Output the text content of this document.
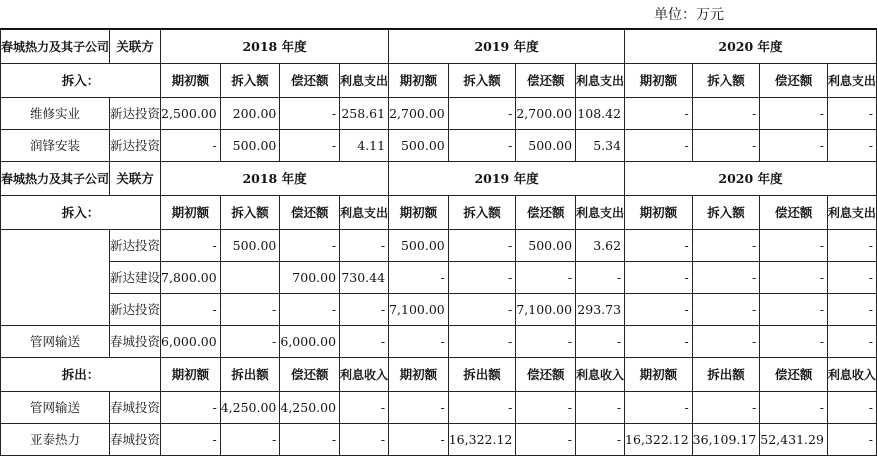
单位：万元
春城热力及其子公司	关联方	2018 年度				2019 年度				2020 年度			
拆入：		期初额	拆入额	偿还额	利息支出	期初额	拆入额	偿还额	利息支出	期初额	拆入额	偿还额	利息支出
维修实业	新达投资	2,500.00	200.00	-	258.61	2,700.00	-	2,700.00	108.42	-	-	-	-
润锋安装	新达投资	-	500.00	-	4.11	500.00	-	500.00	5.34	-	-	-	-
春城热力及其子公司	关联方	2018 年度				2019 年度				2020 年度			
拆入：		期初额	拆入额	偿还额	利息支出	期初额	拆入额	偿还额	利息支出	期初额	拆入额	偿还额	利息支出
	新达投资	-	500.00	-	-	500.00	-	500.00	3.62	-	-	-	-
	新达建设	7,800.00		700.00	730.44	-	-	-	-	-	-	-	-
	新达投资	-	-	-	-	7,100.00	-	7,100.00	293.73	-	-	-	-
管网输送	春城投资	6,000.00	-	6,000.00	-	-	-	-	-	-	-	-	-
拆出：		期初额	拆出额	偿还额	利息收入	期初额	拆出额	偿还额	利息收入	期初额	拆出额	偿还额	利息收入
管网输送	春城投资	-	4,250.00	4,250.00	-	-	-	-	-	-	-	-	-
亚泰热力	春城投资	-	-	-	-	-	16,322.12	-	-	16,322.12	36,109.17	52,431.29	-
